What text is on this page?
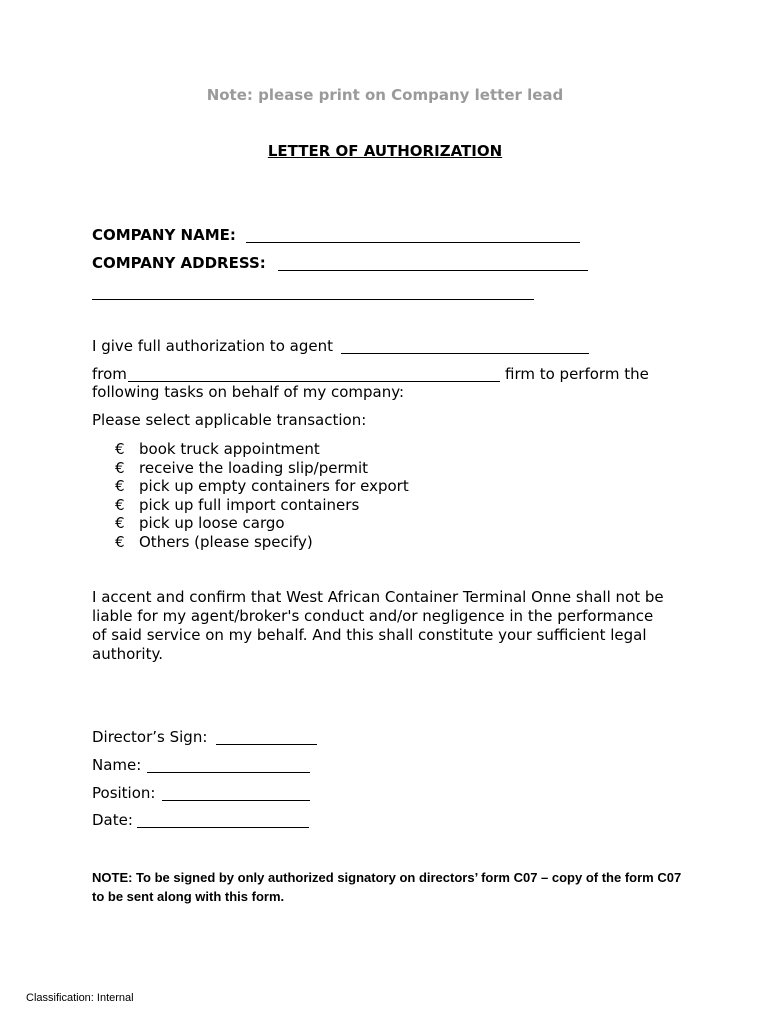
Note: please print on Company letter lead
LETTER OF AUTHORIZATION
COMPANY NAME:
COMPANY ADDRESS:
I give full authorization to agent
from	firm to perform the
following tasks on behalf of my company:
Please select applicable transaction:
€ book truck appointment
€ receive the loading slip/permit
€ pick up empty containers for export
€ pick up full import containers
€ pick up loose cargo
€ Others (please specify)
I accent and confirm that West African Container Terminal Onne shall not be liable for my agent/broker's conduct and/or negligence in the performance of said service on my behalf. And this shall constitute your sufficient legal authority.
Director’s Sign:
Name:
Position:
Date:
NOTE: To be signed by only authorized signatory on directors’ form C07 – copy of the form C07 to be sent along with this form.
Classification: Internal
